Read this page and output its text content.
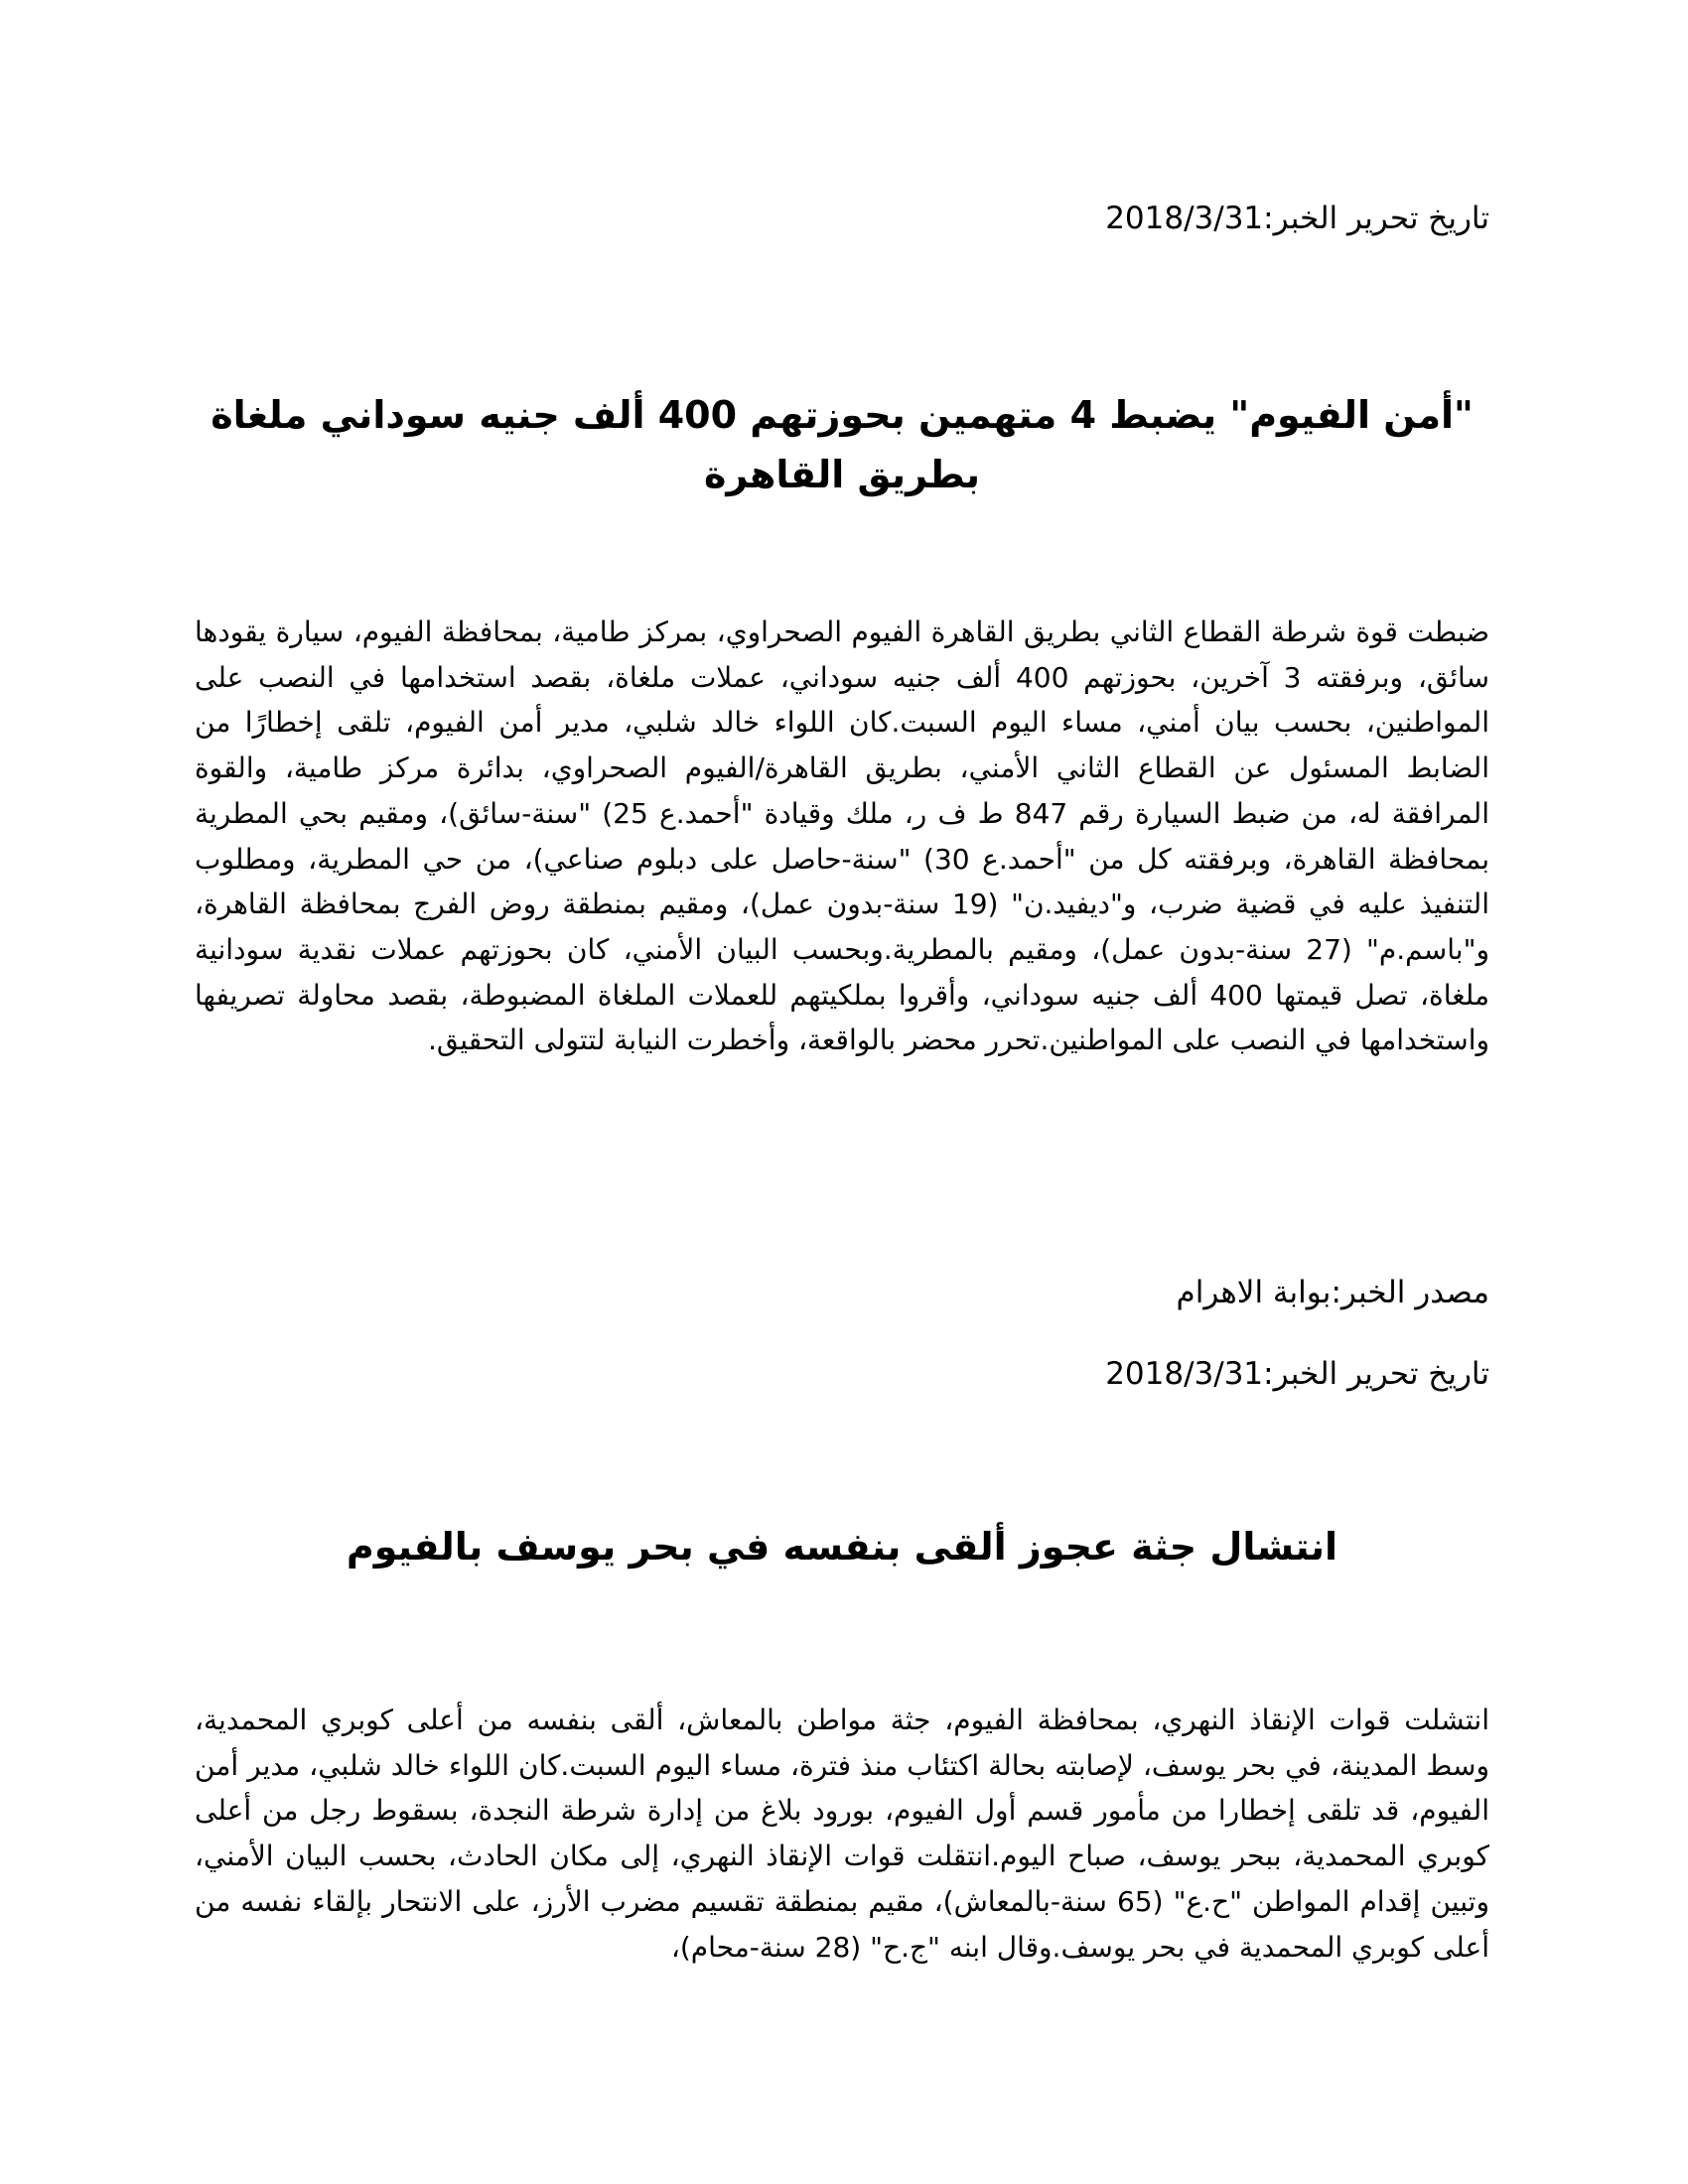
تاريخ تحرير الخبر:2018/3/31
"أمن الفيوم" يضبط 4 متهمين بحوزتهم 400 ألف جنيه سوداني ملغاة بطريق القاهرة

ضبطت قوة شرطة القطاع الثاني بطريق القاهرة الفيوم الصحراوي، بمركز طامية، بمحافظة الفيوم، سيارة يقودها سائق، وبرفقته 3 آخرين، بحوزتهم 400 ألف جنيه سوداني، عملات ملغاة، بقصد استخدامها في النصب على المواطنين، بحسب بيان أمني، مساء اليوم السبت.كان اللواء خالد شلبي، مدير أمن الفيوم، تلقى إخطارًا من الضابط المسئول عن القطاع الثاني الأمني، بطريق القاهرة/الفيوم الصحراوي، بدائرة مركز طامية، والقوة المرافقة له، من ضبط السيارة رقم 847 ط ف ر، ملك وقيادة "أحمد.ع 25) "سنة-سائق)، ومقيم بحي المطرية بمحافظة القاهرة، وبرفقته كل من "أحمد.ع 30) "سنة-حاصل على دبلوم صناعي)، من حي المطرية، ومطلوب التنفيذ عليه في قضية ضرب، و"ديفيد.ن" (19 سنة-بدون عمل)، ومقيم بمنطقة روض الفرج بمحافظة القاهرة، و"باسم.م" (27 سنة-بدون عمل)، ومقيم بالمطرية.وبحسب البيان الأمني، كان بحوزتهم عملات نقدية سودانية ملغاة، تصل قيمتها 400 ألف جنيه سوداني، وأقروا بملكيتهم للعملات الملغاة المضبوطة، بقصد محاولة تصريفها واستخدامها في النصب على المواطنين.تحرر محضر بالواقعة، وأخطرت النيابة لتتولى التحقيق.

مصدر الخبر:بوابة الاهرام
تاريخ تحرير الخبر:2018/3/31
انتشال جثة عجوز ألقى بنفسه في بحر يوسف بالفيوم

انتشلت قوات الإنقاذ النهري، بمحافظة الفيوم، جثة مواطن بالمعاش، ألقى بنفسه من أعلى كوبري المحمدية، وسط المدينة، في بحر يوسف، لإصابته بحالة اكتئاب منذ فترة، مساء اليوم السبت.كان اللواء خالد شلبي، مدير أمن الفيوم، قد تلقى إخطارا من مأمور قسم أول الفيوم، بورود بلاغ من إدارة شرطة النجدة، بسقوط رجل من أعلى كوبري المحمدية، ببحر يوسف، صباح اليوم.انتقلت قوات الإنقاذ النهري، إلى مكان الحادث، بحسب البيان الأمني، وتبين إقدام المواطن "ح.ع" (65 سنة-بالمعاش)، مقيم بمنطقة تقسيم مضرب الأرز، على الانتحار بإلقاء نفسه من أعلى كوبري المحمدية في بحر يوسف.وقال ابنه "ج.ح" (28 سنة-محام)،
